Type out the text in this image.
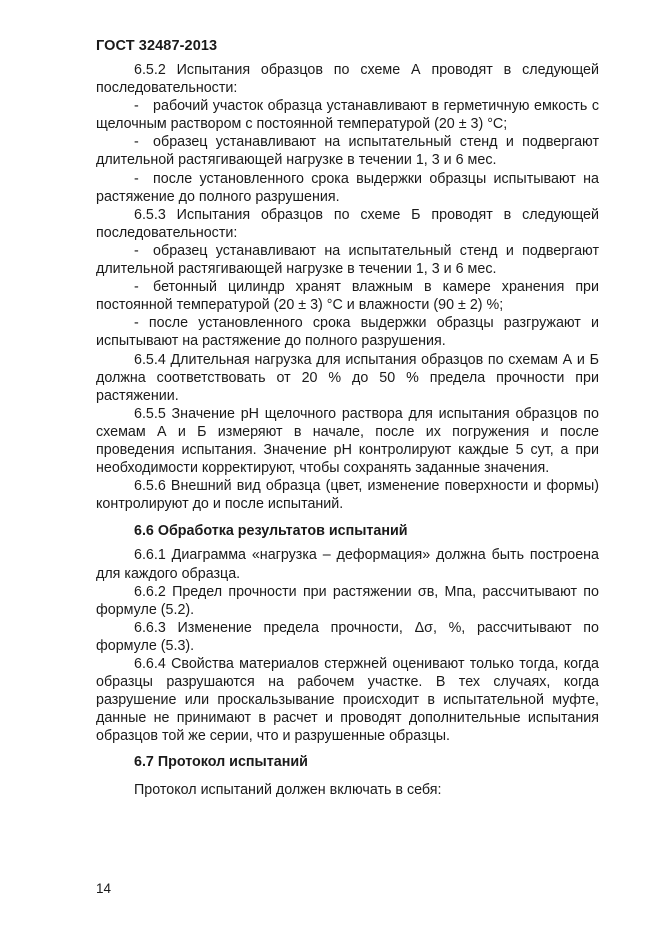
ГОСТ 32487-2013

6.5.2 Испытания образцов по схеме А проводят в следующей последовательности:

- рабочий участок образца устанавливают в герметичную емкость с щелочным раствором с постоянной температурой (20 ± 3) °С;

- образец устанавливают на испытательный стенд и подвергают длительной растягивающей нагрузке в течении 1, 3 и 6 мес.

- после установленного срока выдержки образцы испытывают на растяжение до полного разрушения.

6.5.3 Испытания образцов по схеме Б проводят в следующей последовательности:

- образец устанавливают на испытательный стенд и подвергают длительной растягивающей нагрузке в течении 1, 3 и 6 мес.

- бетонный цилиндр хранят влажным в камере хранения при постоянной температурой (20 ± 3) °С и влажности (90 ± 2) %;

- после установленного срока выдержки образцы разгружают и испытывают на растяжение до полного разрушения.

6.5.4 Длительная нагрузка для испытания образцов по схемам А и Б должна соответствовать от 20 % до 50 % предела прочности при растяжении.

6.5.5 Значение рН щелочного раствора для испытания образцов по схемам А и Б измеряют в начале, после их погружения и после проведения испытания. Значение рН контролируют каждые 5 сут, а при необходимости корректируют, чтобы сохранять заданные значения.

6.5.6 Внешний вид образца (цвет, изменение поверхности и формы) контролируют до и после испытаний.

6.6 Обработка результатов испытаний

6.6.1 Диаграмма «нагрузка – деформация» должна быть построена для каждого образца.

6.6.2 Предел прочности при растяжении σв, Мпа, рассчитывают по формуле (5.2).

6.6.3 Изменение предела прочности, Δσ, %, рассчитывают по формуле (5.3).

6.6.4 Свойства материалов стержней оценивают только тогда, когда образцы разрушаются на рабочем участке. В тех случаях, когда разрушение или проскальзывание происходит в испытательной муфте, данные не принимают в расчет и проводят дополнительные испытания образцов той же серии, что и разрушенные образцы.

6.7 Протокол испытаний

Протокол испытаний должен включать в себя:

14
